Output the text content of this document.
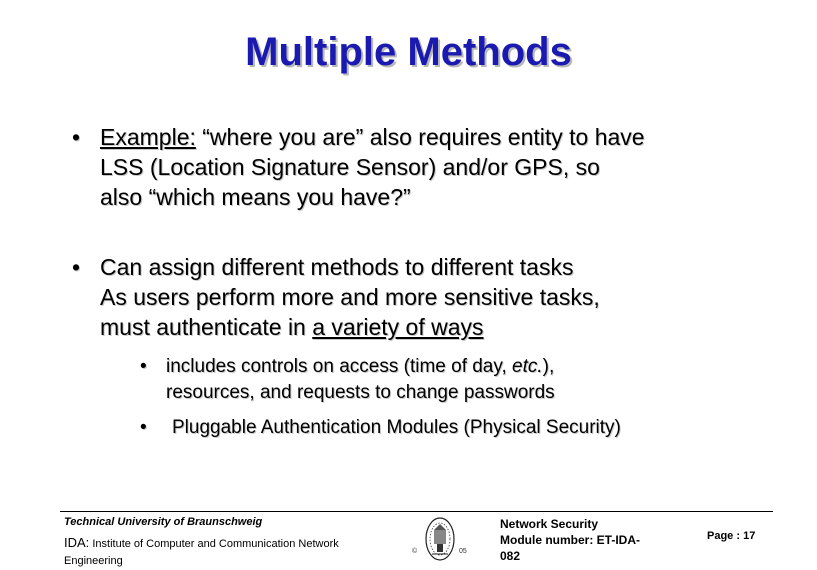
Multiple Methods
• Example: “where you are” also requires entity to have
LSS (Location Signature Sensor) and/or GPS, so
also “which means you have?”
• Can assign different methods to different tasks
As users perform more and more sensitive tasks,
must authenticate in a variety of ways
•	includes controls on access (time of day, etc.),
resources, and requests to change passwords
•	Pluggable Authentication Modules (Physical Security)
Technical University of Braunschweig
IDA: Institute of Computer and Communication Network
Engineering
©	05
Network Security
Module number: ET-IDA-
082
Page : 17
